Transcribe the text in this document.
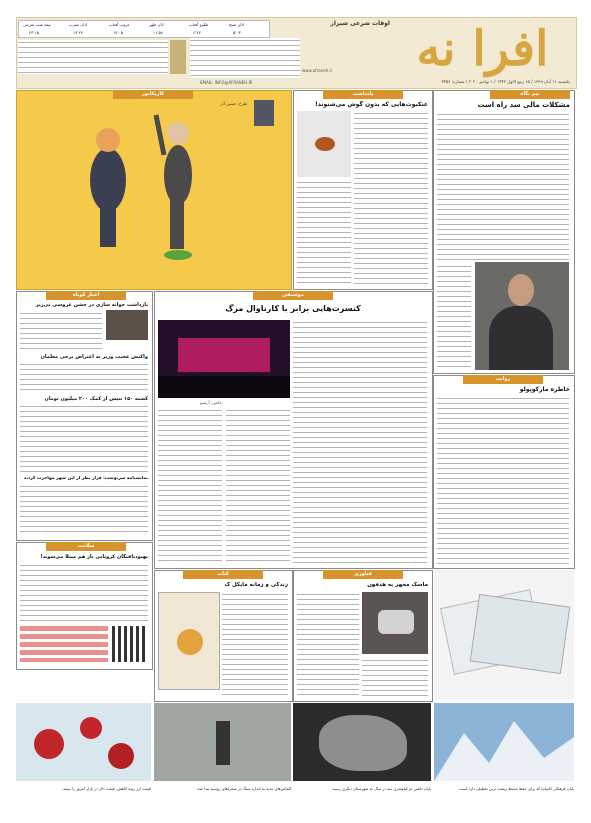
افرا نه
یکشنبه ۱۱ آبان ۱۳۹۹ / ۱۵ ربیع الاول ۱۴۴۲ / ۱ نوامبر ۲۰۲۰ / شماره: ۳۴۵۶
اوقات شرعی شیراز
اذان صبح
طلوع آفتاب
اذان ظهر
غروب آفتاب
اذان مغرب
نیمه شب شرعی
۵:۰۳
۶:۲۷
۱۱:۵۸
۱۷:۰۵
۱۷:۲۴
۲۳:۱۵
www.afraneh.ir
EMAIL: INFO@AFRANEH.IR
نیم نگاه
مشکلات مالی سد راه است
یادداشت
عنکبوت‌هایی که بدون گوش می‌شنوند!
کاریکاتور
طرح: حسین آذر
اخبار کوتاه
بازداشت جوانه سازی در جشن عروسی تی‌ریز
واکنش عجیب وزیر به اعتراض برخی معلمان
کشته ۱۵۰ تنیس از کمک ۲۰۰ میلیون تومان
نمایشنامه سرنوشت: فرار نظر از این شهر مهاجرت کردند
موسیقی
کنسرت‌هایی برابر با کارناوال مرگ
عکس: آرشیو
روایت
خاطره مارکوپولو
سلامت
بهبودیافتگان کرونایی باز هم مبتلا می‌شوند!
کتاب
زندگی و زمانه مایکل ک
فناوری
ماسک مجهز به هدفون
پایان فرهنگی کامپانیا که برای حفظ محیط زیست ترین تعطیلی دارد است.
پایان دلفین دو کیلومتری سه در سال به شهرستان دیگری رسید.
الماس‌های جدید به اندازه سنگ در صحراهای روسیه پیدا شد.
قیمت ارز روبه کاهش، قیمت دلار در بازار امروز را ببینید.
